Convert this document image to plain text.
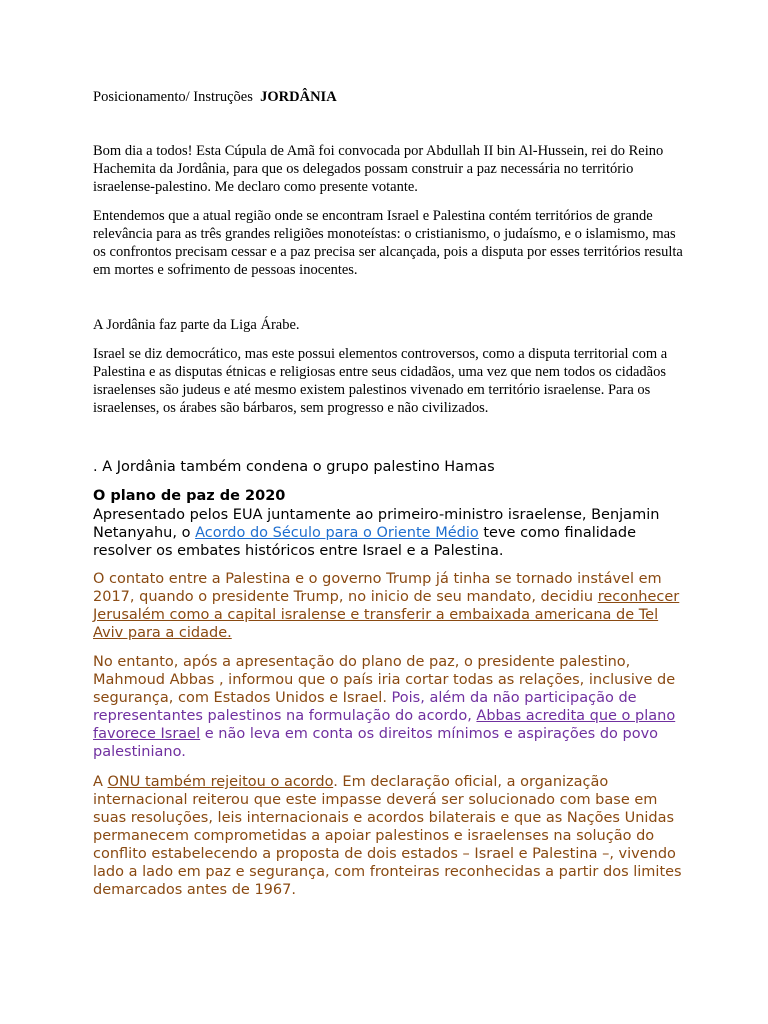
Posicionamento/ Instruções JORDÂNIA

Bom dia a todos! Esta Cúpula de Amã foi convocada por Abdullah II bin Al-Hussein, rei do Reino Hachemita da Jordânia, para que os delegados possam construir a paz necessária no território israelense-palestino. Me declaro como presente votante.

Entendemos que a atual região onde se encontram Israel e Palestina contém territórios de grande relevância para as três grandes religiões monoteístas: o cristianismo, o judaísmo, e o islamismo, mas os confrontos precisam cessar e a paz precisa ser alcançada, pois a disputa por esses territórios resulta em mortes e sofrimento de pessoas inocentes.

A Jordânia faz parte da Liga Árabe.

Israel se diz democrático, mas este possui elementos controversos, como a disputa territorial com a Palestina e as disputas étnicas e religiosas entre seus cidadãos, uma vez que nem todos os cidadãos israelenses são judeus e até mesmo existem palestinos vivenado em território israelense. Para os israelenses, os árabes são bárbaros, sem progresso e não civilizados.

. A Jordânia também condena o grupo palestino Hamas

O plano de paz de 2020

Apresentado pelos EUA juntamente ao primeiro-ministro israelense, Benjamin Netanyahu, o Acordo do Século para o Oriente Médio teve como finalidade resolver os embates históricos entre Israel e a Palestina.

O contato entre a Palestina e o governo Trump já tinha se tornado instável em 2017, quando o presidente Trump, no inicio de seu mandato, decidiu reconhecer Jerusalém como a capital isralense e transferir a embaixada americana de Tel Aviv para a cidade.

No entanto, após a apresentação do plano de paz, o presidente palestino, Mahmoud Abbas , informou que o país iria cortar todas as relações, inclusive de segurança, com Estados Unidos e Israel. Pois, além da não participação de representantes palestinos na formulação do acordo, Abbas acredita que o plano favorece Israel e não leva em conta os direitos mínimos e aspirações do povo palestiniano.

A ONU também rejeitou o acordo. Em declaração oficial, a organização internacional reiterou que este impasse deverá ser solucionado com base em suas resoluções, leis internacionais e acordos bilaterais e que as Nações Unidas permanecem comprometidas a apoiar palestinos e israelenses na solução do conflito estabelecendo a proposta de dois estados – Israel e Palestina –, vivendo lado a lado em paz e segurança, com fronteiras reconhecidas a partir dos limites demarcados antes de 1967.
